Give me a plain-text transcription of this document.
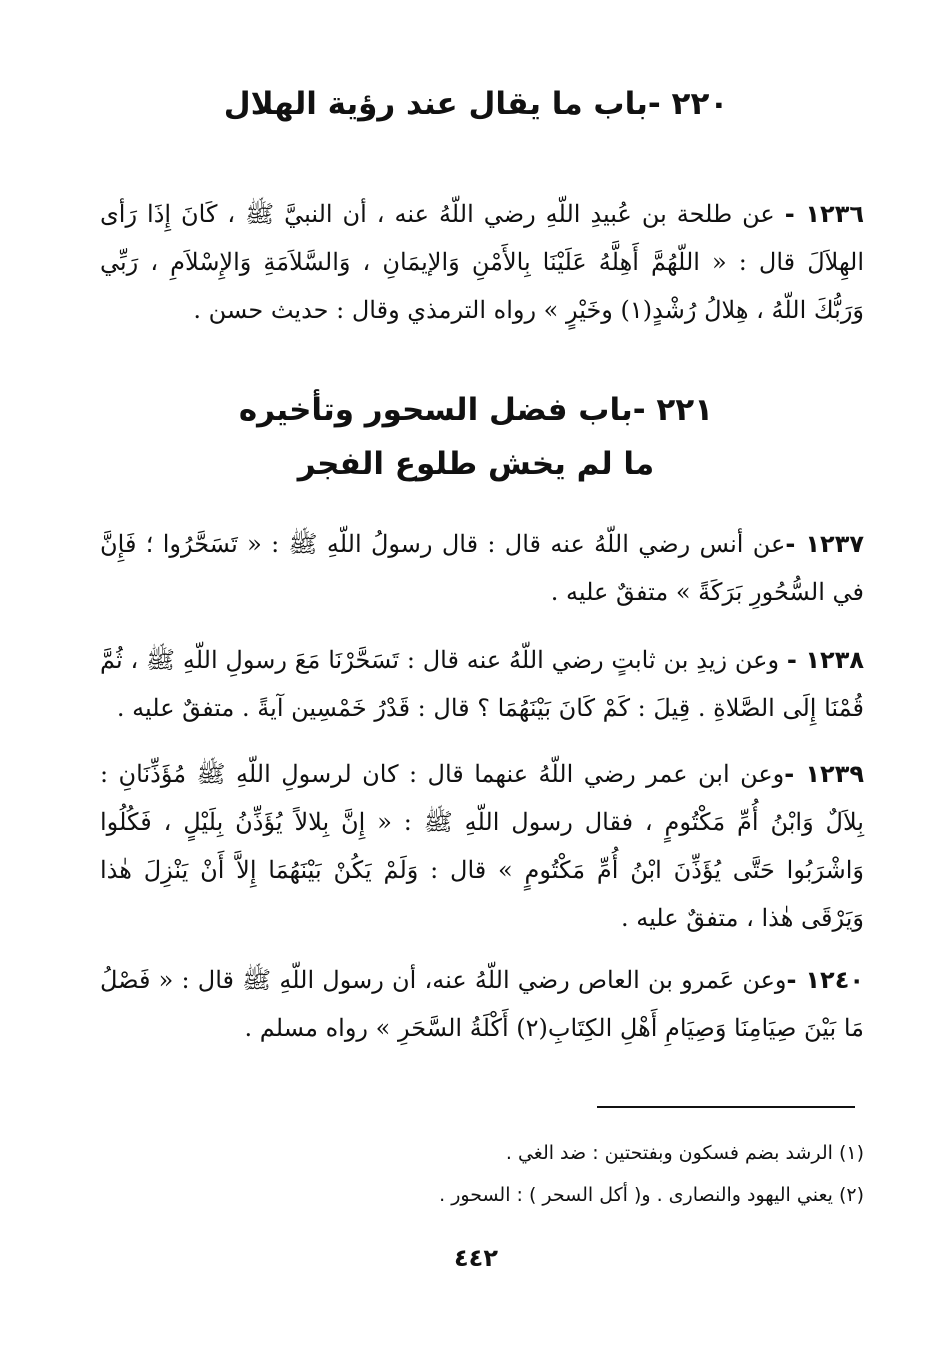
٢٢٠ -باب ما يقال عند رؤية الهلال

١٢٣٦ - عن طلحة بن عُبيدِ اللّهِ رضي اللّهُ عنه ، أن النبيَّ ﷺ ، كَانَ إِذَا رَأى الهِلاَلَ قال : « اللّهُمَّ أَهِلَّهُ عَلَيْنَا بِالأَمْنِ وَالإيمَانِ ، وَالسَّلاَمَةِ وَالإِسْلاَمِ ، رَبِّي وَرَبُّكَ اللّهُ ، هِلالُ رُشْدٍ(١) وخَيْرٍ » رواه الترمذي وقال : حديث حسن .

٢٢١ -باب فضل السحور وتأخيره
ما لم يخش طلوع الفجر

١٢٣٧ -عن أنس رضي اللّهُ عنه قال : قال رسولُ اللّهِ ﷺ : « تَسَحَّرُوا ؛ فَإِنَّ في السُّحُورِ بَرَكَةً » متفقٌ عليه .

١٢٣٨ - وعن زيدِ بن ثابتٍ رضي اللّهُ عنه قال : تَسَحَّرْنَا مَعَ رسولِ اللّهِ ﷺ ، ثُمَّ قُمْنَا إِلَى الصَّلاةِ . قِيلَ : كَمْ كَانَ بَيْنَهُمَا ؟ قال : قَدْرُ خَمْسِين آيةً . متفقٌ عليه .

١٢٣٩ -وعن ابن عمر رضي اللّهُ عنهما قال : كان لرسولِ اللّهِ ﷺ مُؤَذِّنَانِ : بِلاَلٌ وَابْنُ أُمِّ مَكْتُومٍ ، فقال رسول اللّهِ ﷺ : « إِنَّ بِلالاً يُؤَذِّنُ بِلَيْلٍ ، فَكُلُوا وَاشْرَبُوا حَتَّى يُؤَذِّنَ ابْنُ أُمِّ مَكْتُومٍ » قال : وَلَمْ يَكُنْ بَيْنَهُمَا إِلاَّ أَنْ يَنْزِلَ هٰذا وَيَرْقَى هٰذا ، متفقٌ عليه .

١٢٤٠ -وعن عَمرو بن العاص رضي اللّهُ عنه، أن رسول اللّهِ ﷺ قال : « فَصْلُ مَا بَيْنَ صِيَامِنَا وَصِيَامِ أَهْلِ الكِتَابِ(٢) أَكْلَةُ السَّحَرِ » رواه مسلم .

(١) الرشد بضم فسكون وبفتحتين : ضد الغي .

(٢) يعني اليهود والنصارى . و( أكل السحر ) : السحور .

٤٤٢
